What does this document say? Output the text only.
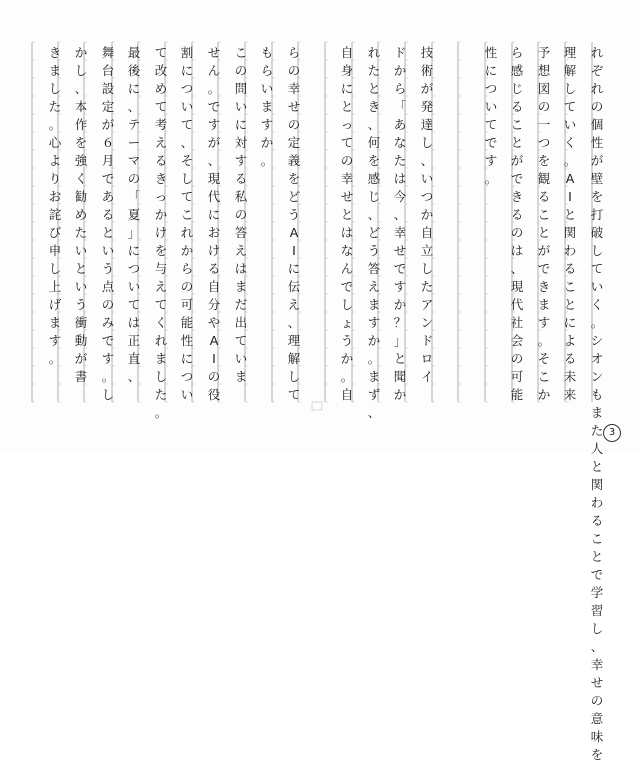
れ
ぞ
れ
の
個
性
が
壁
を
打
破
し
て
い
く
。
シ
オ
ン
も
ま
た
人
と
関
わ
る
こ
と
で
学
習
し
、
幸
せ
の
意
味
を
理
解
し
て
い
く
。
A
I
と
関
わ
る
こ
と
に
よ
る
未
来
予
想
図
の
一
つ
を
観
る
こ
と
が
で
き
ま
す
。
そ
こ
か
ら
感
じ
る
こ
と
が
で
き
る
の
は
、
現
代
社
会
の
可
能
性
に
つ
い
て
で
す
。
技
術
が
発
達
し
、
い
つ
か
自
立
し
た
ア
ン
ド
ロ
イ
ド
か
ら
「
あ
な
た
は
今
、
幸
せ
で
す
か
？
」
と
聞
か
れ
た
と
き
、
何
を
感
じ
、
ど
う
答
え
ま
す
か
。
ま
ず
、
自
身
に
と
っ
て
の
幸
せ
と
は
な
ん
で
し
ょ
う
か
。
自
ら
の
幸
せ
の
定
義
を
ど
う
A
I
に
伝
え
、
理
解
し
て
も
ら
い
ま
す
か
。
こ
の
問
い
に
対
す
る
私
の
答
え
は
ま
だ
出
て
い
ま
せ
ん
。
で
す
が
、
現
代
に
お
け
る
自
分
や
A
I
の
役
割
に
つ
い
て
、
そ
し
て
こ
れ
か
ら
の
可
能
性
に
つ
い
て
改
め
て
考
え
る
き
っ
か
け
を
与
え
て
く
れ
ま
し
た
。
最
後
に
、
テ
ー
マ
の
「
夏
」
に
つ
い
て
は
正
直
、
舞
台
設
定
が
６
月
で
あ
る
と
い
う
点
の
み
で
す
。
し
か
し
、
本
作
を
強
く
勧
め
た
い
と
い
う
衝
動
が
書
き
ま
し
た
。
心
よ
り
お
詫
び
申
し
上
げ
ま
す
。
3
